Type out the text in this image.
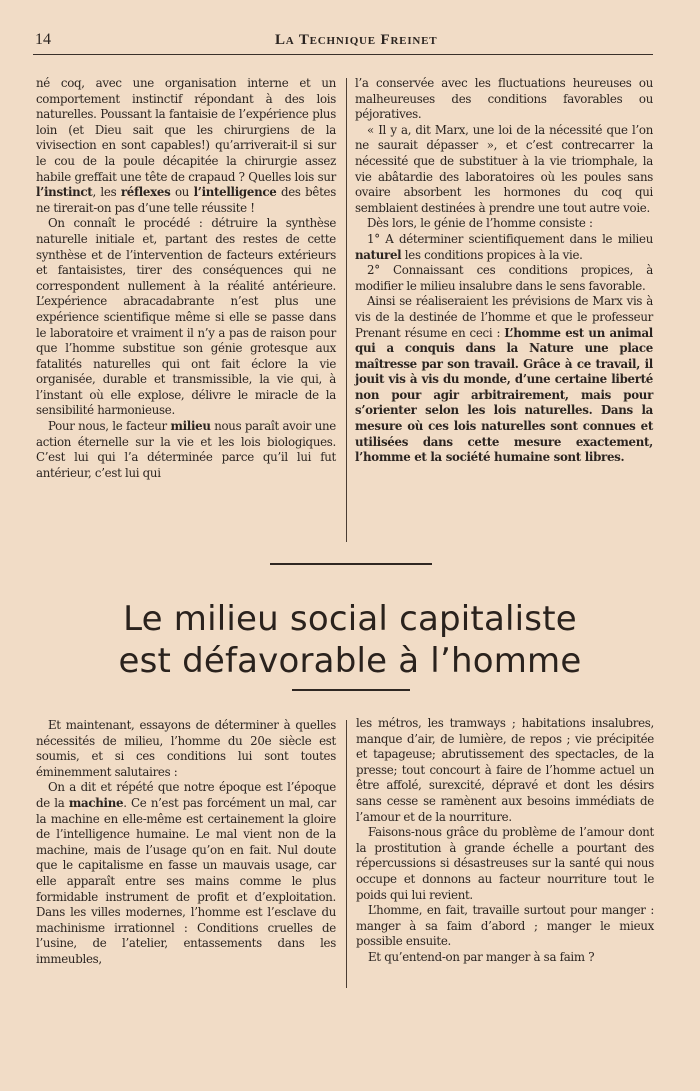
14	La Technique Freinet

né coq, avec une organisation interne et un comportement instinctif répondant à des lois naturelles. Poussant la fantaisie de l’expérience plus loin (et Dieu sait que les chirurgiens de la vivisection en sont capables!) qu’arriverait-il si sur le cou de la poule décapitée la chirurgie assez habile greffait une tête de crapaud ? Quelles lois sur l’instinct, les réflexes ou l’intelligence des bêtes ne tirerait-on pas d’une telle réussite !

On connaît le procédé : détruire la synthèse naturelle initiale et, partant des restes de cette synthèse et de l’intervention de facteurs extérieurs et fantaisistes, tirer des conséquences qui ne correspondent nullement à la réalité antérieure. L’expérience abracadabrante n’est plus une expérience scientifique même si elle se passe dans le laboratoire et vraiment il n’y a pas de raison pour que l’homme substitue son génie grotesque aux fatalités naturelles qui ont fait éclore la vie organisée, durable et transmissible, la vie qui, à l’instant où elle explose, délivre le miracle de la sensibilité harmonieuse.

Pour nous, le facteur milieu nous paraît avoir une action éternelle sur la vie et les lois biologiques. C’est lui qui l’a déterminée parce qu’il lui fut antérieur, c’est lui qui

l’a conservée avec les fluctuations heureuses ou malheureuses des conditions favorables ou péjoratives.

« Il y a, dit Marx, une loi de la nécessité que l’on ne saurait dépasser », et c’est contrecarrer la nécessité que de substituer à la vie triomphale, la vie abâtardie des laboratoires où les poules sans ovaire absorbent les hormones du coq qui semblaient destinées à prendre une tout autre voie.

Dès lors, le génie de l’homme consiste :

1° A déterminer scientifiquement dans le milieu naturel les conditions propices à la vie.

2° Connaissant ces conditions propices, à modifier le milieu insalubre dans le sens favorable.

Ainsi se réaliseraient les prévisions de Marx vis à vis de la destinée de l’homme et que le professeur Prenant résume en ceci : L’homme est un animal qui a conquis dans la Nature une place maîtresse par son travail. Grâce à ce travail, il jouit vis à vis du monde, d’une certaine liberté non pour agir arbitrairement, mais pour s’orienter selon les lois naturelles. Dans la mesure où ces lois naturelles sont connues et utilisées dans cette mesure exactement, l’homme et la société humaine sont libres.

Le milieu social capitaliste
est défavorable à l’homme

Et maintenant, essayons de déterminer à quelles nécessités de milieu, l’homme du 20e siècle est soumis, et si ces conditions lui sont toutes éminemment salutaires :

On a dit et répété que notre époque est l’époque de la machine. Ce n’est pas forcément un mal, car la machine en elle-même est certainement la gloire de l’intelligence humaine. Le mal vient non de la machine, mais de l’usage qu’on en fait. Nul doute que le capitalisme en fasse un mauvais usage, car elle apparaît entre ses mains comme le plus formidable instrument de profit et d’exploitation. Dans les villes modernes, l’homme est l’esclave du machinisme irrationnel : Conditions cruelles de l’usine, de l’atelier, entassements dans les immeubles,

les métros, les tramways ; habitations insalubres, manque d’air, de lumière, de repos ; vie précipitée et tapageuse; abrutissement des spectacles, de la presse; tout concourt à faire de l’homme actuel un être affolé, surexcité, dépravé et dont les désirs sans cesse se ramènent aux besoins immédiats de l’amour et de la nourriture.

Faisons-nous grâce du problème de l’amour dont la prostitution à grande échelle a pourtant des répercussions si désastreuses sur la santé qui nous occupe et donnons au facteur nourriture tout le poids qui lui revient.

L’homme, en fait, travaille surtout pour manger : manger à sa faim d’abord ; manger le mieux possible ensuite.

Et qu’entend-on par manger à sa faim ?
